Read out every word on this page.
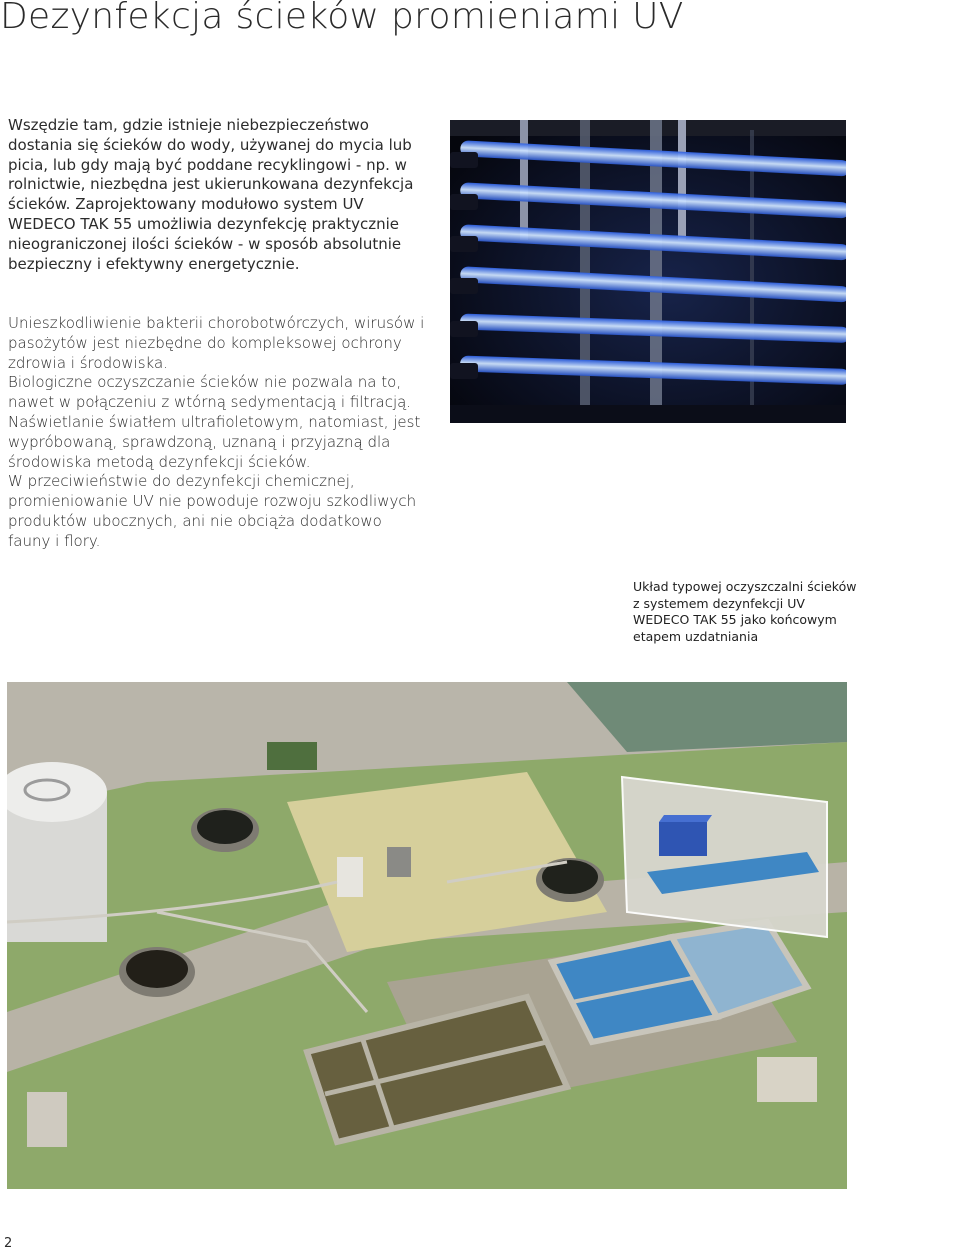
Dezynfekcja ścieków promieniami UV

Wszędzie tam, gdzie istnieje niebezpieczeństwo dostania się ścieków do wody, używanej do mycia lub picia, lub gdy mają być poddane recyklingowi - np. w rolnictwie, niezbędna jest ukierunkowana dezynfekcja ścieków. Zaprojektowany modułowo system UV WEDECO TAK 55 umożliwia dezynfekcję praktycznie nieograniczonej ilości ścieków - w sposób absolutnie bezpieczny i efektywny energetycznie.

Unieszkodliwienie bakterii chorobotwórczych, wirusów i pasożytów jest niezbędne do kompleksowej ochrony zdrowia i środowiska.
Biologiczne oczyszczanie ścieków nie pozwala na to, nawet w połączeniu z wtórną sedymentacją i filtracją.
Naświetlanie światłem ultrafioletowym, natomiast, jest wypróbowaną, sprawdzoną, uznaną i przyjazną dla środowiska metodą dezynfekcji ścieków.
W przeciwieństwie do dezynfekcji chemicznej, promieniowanie UV nie powoduje rozwoju szkodliwych produktów ubocznych, ani nie obciąża dodatkowo fauny i flory.

Układ typowej oczyszczalni ścieków z systemem dezynfekcji UV WEDECO TAK 55 jako końcowym etapem uzdatniania

2
